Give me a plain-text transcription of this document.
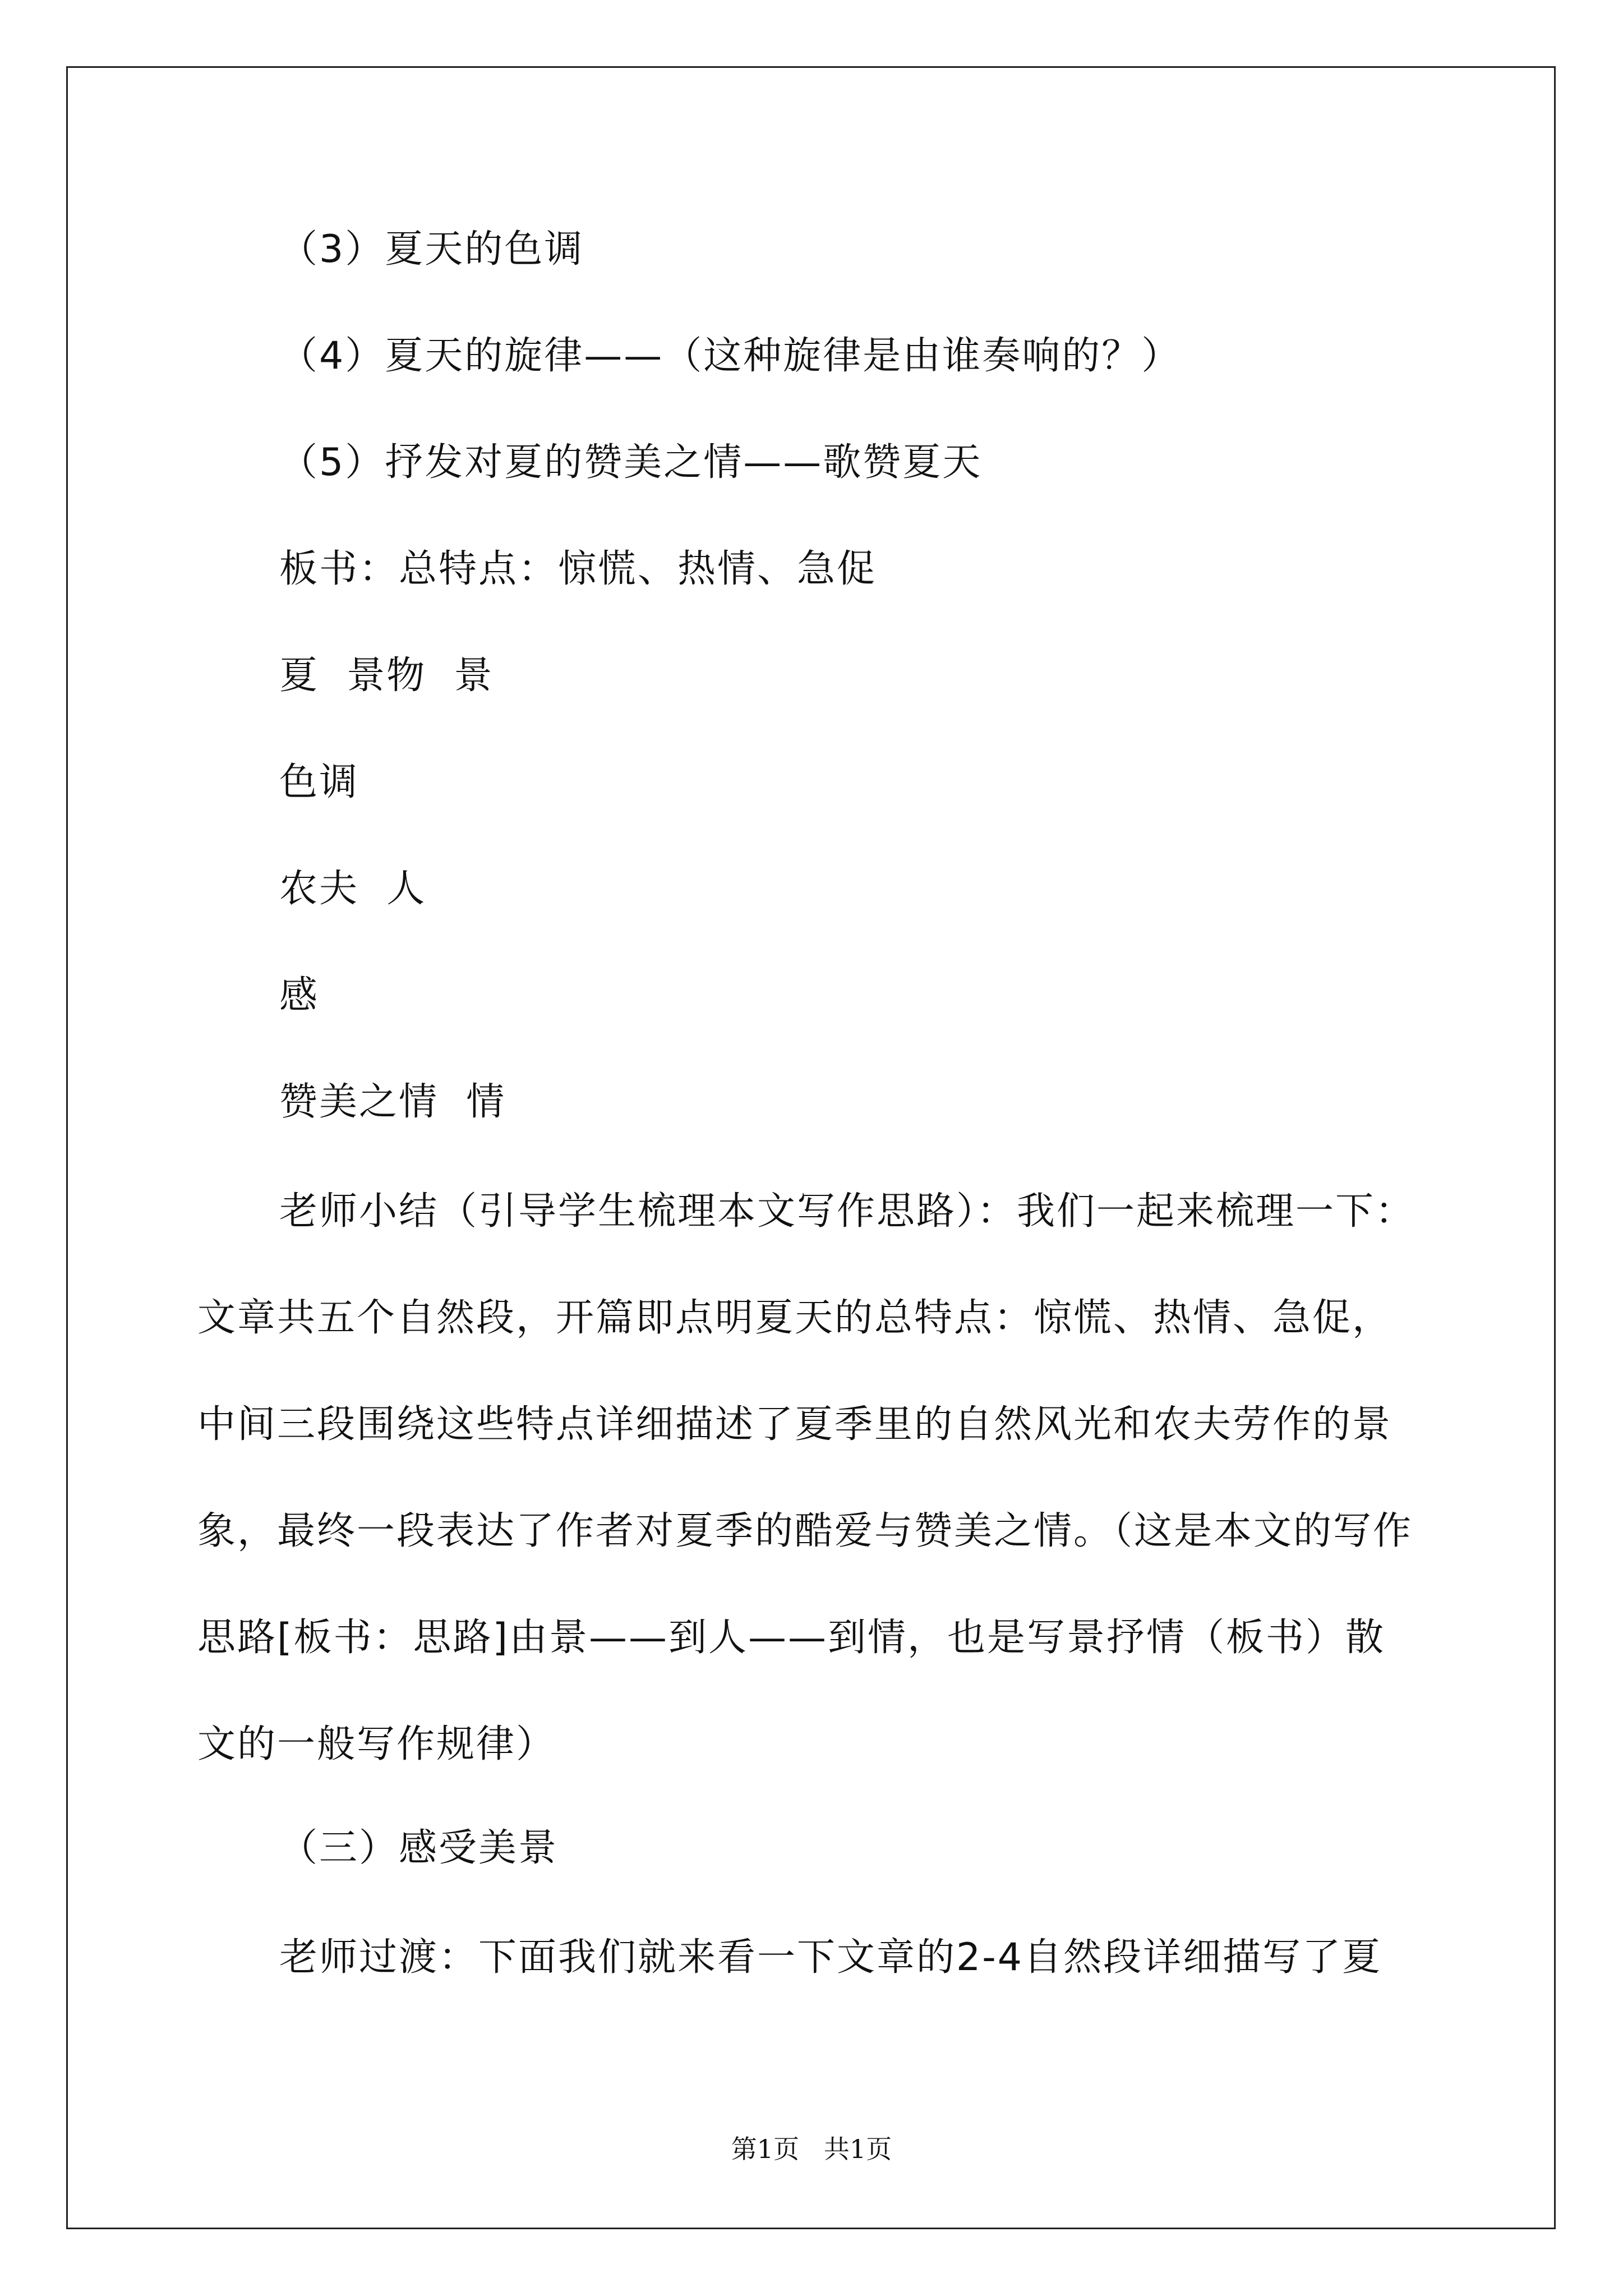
（3）夏天的色调
（4）夏天的旋律——（这种旋律是由谁奏响的？）
（5）抒发对夏的赞美之情——歌赞夏天
板书：总特点：惊慌、热情、急促
夏  景物  景
色调
农夫  人
感
赞美之情  情
老师小结（引导学生梳理本文写作思路）：我们一起来梳理一下：
文章共五个自然段，开篇即点明夏天的总特点：惊慌、热情、急促，
中间三段围绕这些特点详细描述了夏季里的自然风光和农夫劳作的景
象，最终一段表达了作者对夏季的酷爱与赞美之情。（这是本文的写作
思路[板书：思路]由景——到人——到情，也是写景抒情（板书）散
文的一般写作规律）
（三）感受美景
老师过渡：下面我们就来看一下文章的2-4自然段详细描写了夏
第1页   共1页
